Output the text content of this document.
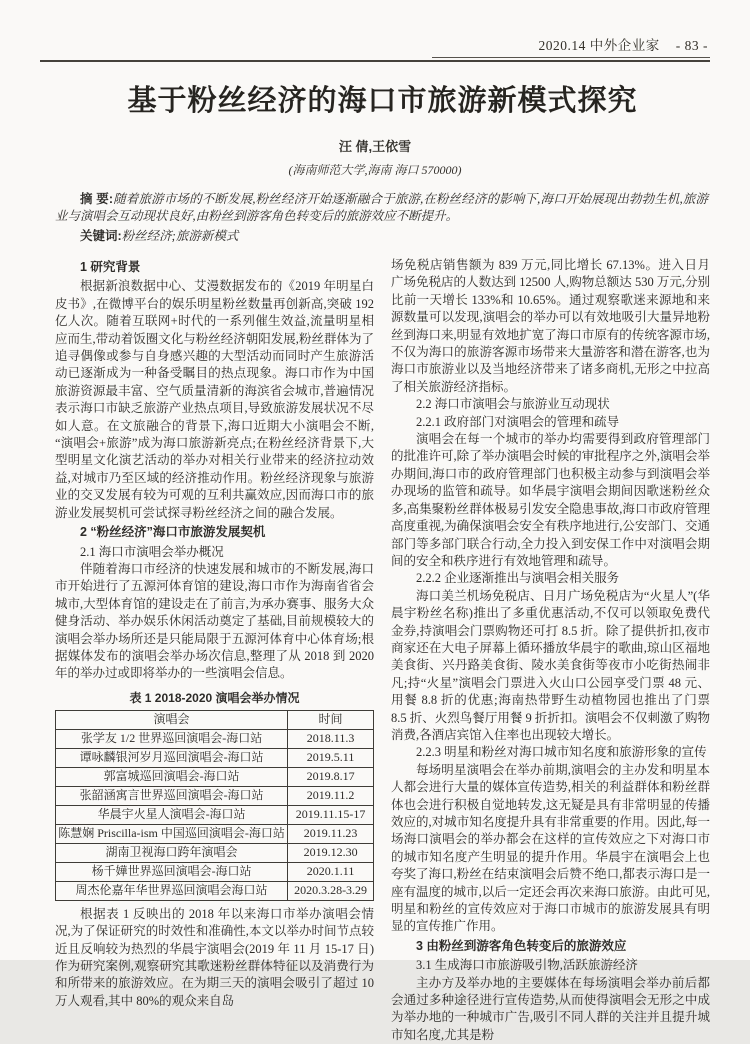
2020.14 中外企业家 - 83 -
基于粉丝经济的海口市旅游新模式探究
汪 倩,王依雪
(海南师范大学,海南 海口 570000)

摘 要:随着旅游市场的不断发展,粉丝经济开始逐渐融合于旅游,在粉丝经济的影响下,海口开始展现出勃勃生机,旅游业与演唱会互动现状良好,由粉丝到游客角色转变后的旅游效应不断提升。

关键词:粉丝经济;旅游新模式

1 研究背景

根据新浪数据中心、艾漫数据发布的《2019 年明星白皮书》,在微博平台的娱乐明星粉丝数量再创新高,突破 192 亿人次。随着互联网+时代的一系列催生效益,流量明星相应而生,带动着饭圈文化与粉丝经济朝阳发展,粉丝群体为了追寻偶像或参与自身感兴趣的大型活动而同时产生旅游活动已逐渐成为一种备受瞩目的热点现象。海口市作为中国旅游资源最丰富、空气质量清新的海滨省会城市,普遍情况表示海口市缺乏旅游产业热点项目,导致旅游发展状况不尽如人意。在文旅融合的背景下,海口近期大小演唱会不断,“演唱会+旅游”成为海口旅游新亮点;在粉丝经济背景下,大型明星文化演艺活动的举办对相关行业带来的经济拉动效益,对城市乃至区域的经济推动作用。粉丝经济现象与旅游业的交叉发展有较为可观的互利共赢效应,因而海口市的旅游业发展契机可尝试探寻粉丝经济之间的融合发展。

2 “粉丝经济”海口市旅游发展契机
2.1 海口市演唱会举办概况

伴随着海口市经济的快速发展和城市的不断发展,海口市开始进行了五源河体育馆的建设,海口市作为海南省省会城市,大型体育馆的建设走在了前言,为承办赛事、服务大众健身活动、举办娱乐休闲活动奠定了基础,目前规模较大的演唱会举办场所还是只能局限于五源河体育中心体育场;根据媒体发布的演唱会举办场次信息,整理了从 2018 到 2020 年的举办过或即将举办的一些演唱会信息。

表 1 2018-2020 演唱会举办情况
演唱会	时间
张学友 1/2 世界巡回演唱会-海口站	2018.11.3
谭咏麟银河岁月巡回演唱会-海口站	2019.5.11
郭富城巡回演唱会-海口站	2019.8.17
张韶涵寓言世界巡回演唱会-海口站	2019.11.2
华晨宇火星人演唱会-海口站	2019.11.15-17
陈慧娴 Priscilla-ism 中国巡回演唱会-海口站	2019.11.23
湖南卫视海口跨年演唱会	2019.12.30
杨千嬅世界巡回演唱会-海口站	2020.1.11
周杰伦嘉年华世界巡回演唱会海口站	2020.3.28-3.29

根据表 1 反映出的 2018 年以来海口市举办演唱会情况,为了保证研究的时效性和准确性,本文以举办时间节点较近且反响较为热烈的华晨宇演唱会(2019 年 11 月 15-17 日)作为研究案例,观察研究其歌迷粉丝群体特征以及消费行为和所带来的旅游效应。在为期三天的演唱会吸引了超过 10 万人观看,其中 80%的观众来自岛

场免税店销售额为 839 万元,同比增长 67.13%。进入日月广场免税店的人数达到 12500 人,购物总额达 530 万元,分别比前一天增长 133%和 10.65%。通过观察歌迷来源地和来源数量可以发现,演唱会的举办可以有效地吸引大量异地粉丝到海口来,明显有效地扩宽了海口市原有的传统客源市场,不仅为海口的旅游客源市场带来大量游客和潜在游客,也为海口市旅游业以及当地经济带来了诸多商机,无形之中拉高了相关旅游经济指标。

2.2 海口市演唱会与旅游业互动现状
2.2.1 政府部门对演唱会的管理和疏导

演唱会在每一个城市的举办均需要得到政府管理部门的批准许可,除了举办演唱会时候的审批程序之外,演唱会举办期间,海口市的政府管理部门也积极主动参与到演唱会举办现场的监管和疏导。如华晨宇演唱会期间因歌迷粉丝众多,高集聚粉丝群体极易引发安全隐患事故,海口市政府管理高度重视,为确保演唱会安全有秩序地进行,公安部门、交通部门等多部门联合行动,全力投入到安保工作中对演唱会期间的安全和秩序进行有效地管理和疏导。

2.2.2 企业逐渐推出与演唱会相关服务

海口美兰机场免税店、日月广场免税店为“火星人”(华晨宇粉丝名称)推出了多重优惠活动,不仅可以领取免费代金券,持演唱会门票购物还可打 8.5 折。除了提供折扣,夜市商家还在大电子屏幕上循环播放华晨宇的歌曲,琼山区福地美食街、兴丹路美食街、陵水美食街等夜市小吃街热闹非凡;持“火星”演唱会门票进入火山口公园享受门票 48 元、用餐 8.8 折的优惠;海南热带野生动植物园也推出了门票 8.5 折、火烈鸟餐厅用餐 9 折折扣。演唱会不仅刺激了购物消费,各酒店宾馆入住率也出现较大增长。

2.2.3 明星和粉丝对海口城市知名度和旅游形象的宣传

每场明星演唱会在举办前期,演唱会的主办发和明星本人都会进行大量的媒体宣传造势,相关的利益群体和粉丝群体也会进行积极自觉地转发,这无疑是具有非常明显的传播效应的,对城市知名度提升具有非常重要的作用。因此,每一场海口演唱会的举办都会在这样的宣传效应之下对海口市的城市知名度产生明显的提升作用。华晨宇在演唱会上也夸奖了海口,粉丝在结束演唱会后赞不绝口,都表示海口是一座有温度的城市,以后一定还会再次来海口旅游。由此可见,明星和粉丝的宣传效应对于海口市城市的旅游发展具有明显的宣传推广作用。

3 由粉丝到游客角色转变后的旅游效应
3.1 生成海口市旅游吸引物,活跃旅游经济

主办方及举办地的主要媒体在每场演唱会举办前后都会通过多种途径进行宣传造势,从而使得演唱会无形之中成为举办地的一种城市广告,吸引不同人群的关注并且提升城市知名度,尤其是粉
